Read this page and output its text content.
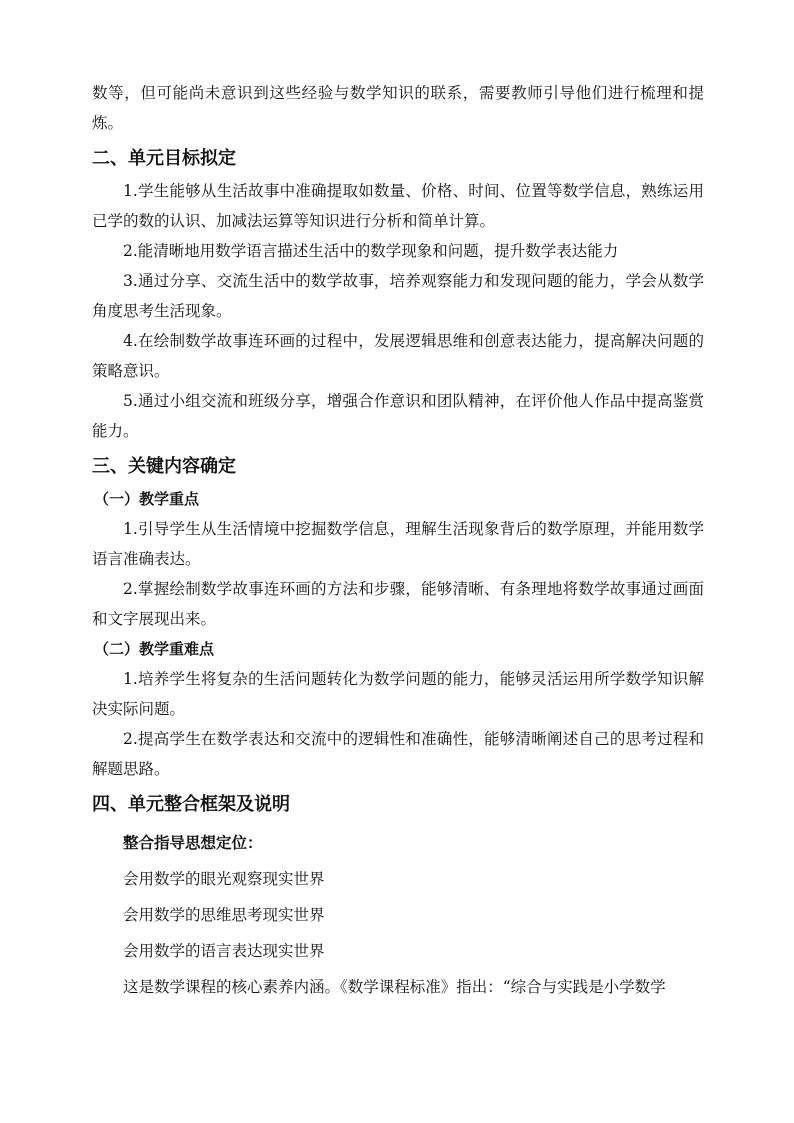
数等，但可能尚未意识到这些经验与数学知识的联系，需要教师引导他们进行梳理和提炼。

二、单元目标拟定

1.学生能够从生活故事中准确提取如数量、价格、时间、位置等数学信息，熟练运用已学的数的认识、加减法运算等知识进行分析和简单计算。

2.能清晰地用数学语言描述生活中的数学现象和问题，提升数学表达能力

3.通过分享、交流生活中的数学故事，培养观察能力和发现问题的能力，学会从数学角度思考生活现象。

4.在绘制数学故事连环画的过程中，发展逻辑思维和创意表达能力，提高解决问题的策略意识。

5.通过小组交流和班级分享，增强合作意识和团队精神，在评价他人作品中提高鉴赏能力。

三、关键内容确定
（一）教学重点

1.引导学生从生活情境中挖掘数学信息，理解生活现象背后的数学原理，并能用数学语言准确表达。

2.掌握绘制数学故事连环画的方法和步骤，能够清晰、有条理地将数学故事通过画面和文字展现出来。

（二）教学重难点

1.培养学生将复杂的生活问题转化为数学问题的能力，能够灵活运用所学数学知识解决实际问题。

2.提高学生在数学表达和交流中的逻辑性和准确性，能够清晰阐述自己的思考过程和解题思路。

四、单元整合框架及说明

整合指导思想定位：

会用数学的眼光观察现实世界

会用数学的思维思考现实世界

会用数学的语言表达现实世界

这是数学课程的核心素养内涵。《数学课程标准》指出：“综合与实践是小学数学
